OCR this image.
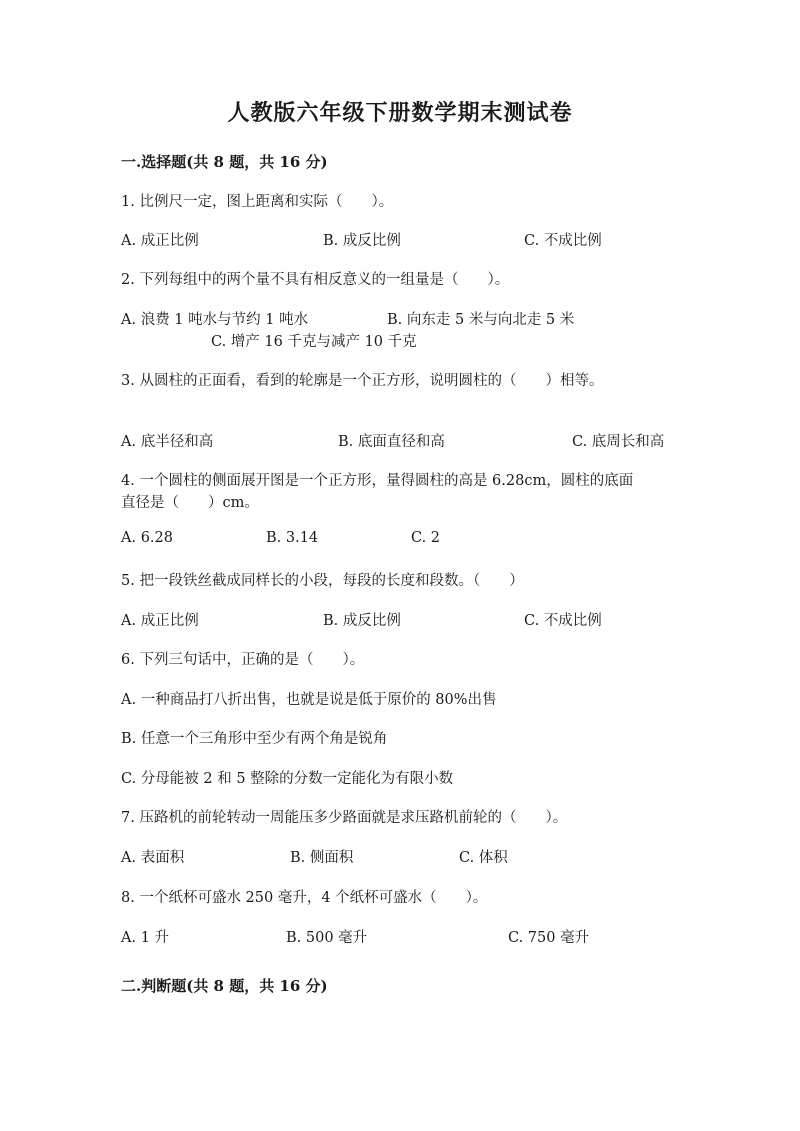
人教版六年级下册数学期末测试卷
一.选择题(共 8 题，共 16 分)
1. 比例尺一定，图上距离和实际（　　）。
A. 成正比例	B. 成反比例	C. 不成比例
2. 下列每组中的两个量不具有相反意义的一组量是（　　）。
A. 浪费 1 吨水与节约 1 吨水	B. 向东走 5 米与向北走 5 米
C. 增产 16 千克与减产 10 千克
3. 从圆柱的正面看，看到的轮廓是一个正方形，说明圆柱的（　　）相等。
A. 底半径和高	B. 底面直径和高	C. 底周长和高
4. 一个圆柱的侧面展开图是一个正方形，量得圆柱的高是 6.28cm，圆柱的底面
直径是（　　）cm。
A. 6.28	B. 3.14	C. 2
5. 把一段铁丝截成同样长的小段，每段的长度和段数。（　　）
A. 成正比例	B. 成反比例	C. 不成比例
6. 下列三句话中，正确的是（　　）。
A. 一种商品打八折出售，也就是说是低于原价的 80%出售
B. 任意一个三角形中至少有两个角是锐角
C. 分母能被 2 和 5 整除的分数一定能化为有限小数
7. 压路机的前轮转动一周能压多少路面就是求压路机前轮的（　　）。
A. 表面积	B. 侧面积	C. 体积
8. 一个纸杯可盛水 250 毫升，4 个纸杯可盛水（　　）。
A. 1 升	B. 500 毫升	C. 750 毫升
二.判断题(共 8 题，共 16 分)
